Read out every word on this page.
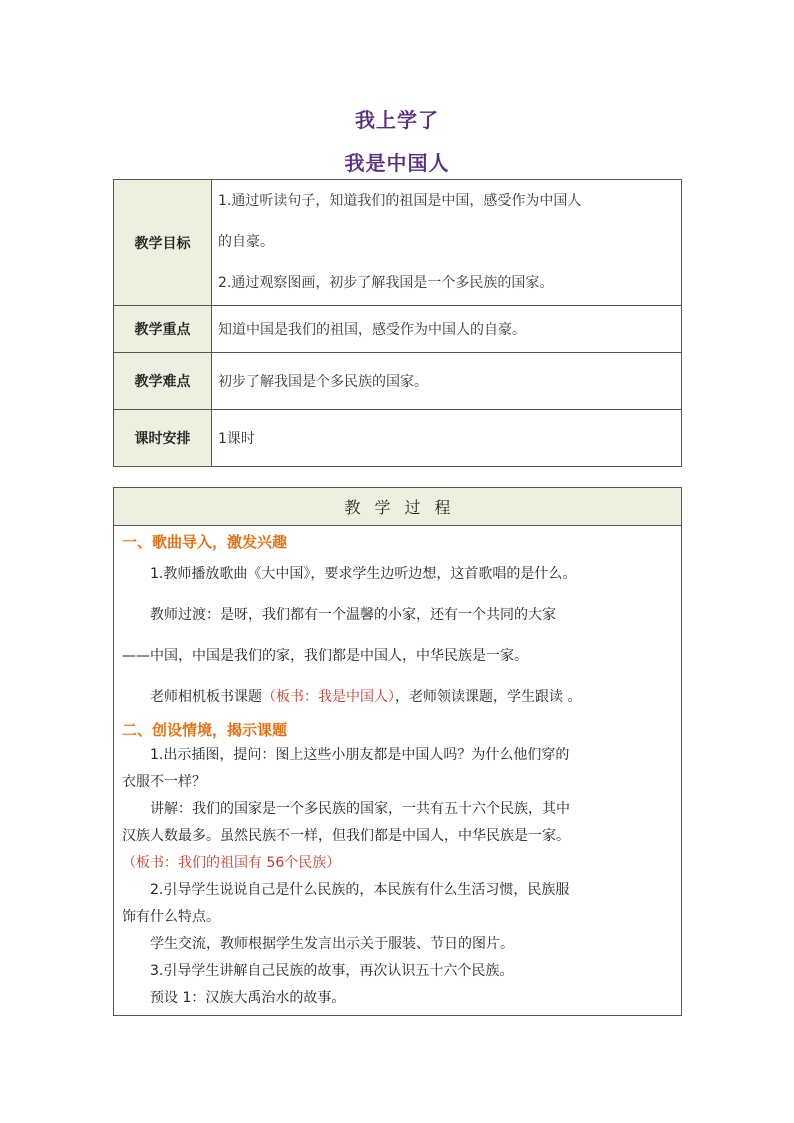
我上学了
我是中国人
教学目标	1.通过听读句子，知道我们的祖国是中国，感受作为中国人

的自豪。

2.通过观察图画，初步了解我国是一个多民族的国家。

教学重点	知道中国是我们的祖国，感受作为中国人的自豪。
教学难点	初步了解我国是个多民族的国家。
课时安排	1课时
教学过程

一、歌曲导入，激发兴趣

1.教师播放歌曲《大中国》，要求学生边听边想，这首歌唱的是什么。

教师过渡：是呀，我们都有一个温馨的小家，还有一个共同的大家

——中国，中国是我们的家，我们都是中国人，中华民族是一家。

老师相机板书课题（板书：我是中国人），老师领读课题，学生跟读 。

二、创设情境，揭示课题

1.出示插图，提问：图上这些小朋友都是中国人吗？为什么他们穿的

衣服不一样？

讲解：我们的国家是一个多民族的国家，一共有五十六个民族，其中

汉族人数最多。虽然民族不一样，但我们都是中国人，中华民族是一家。

（板书：我们的祖国有 56个民族）

2.引导学生说说自己是什么民族的，本民族有什么生活习惯，民族服

饰有什么特点。

学生交流，教师根据学生发言出示关于服装、节日的图片。

3.引导学生讲解自己民族的故事，再次认识五十六个民族。

预设 1：汉族大禹治水的故事。
